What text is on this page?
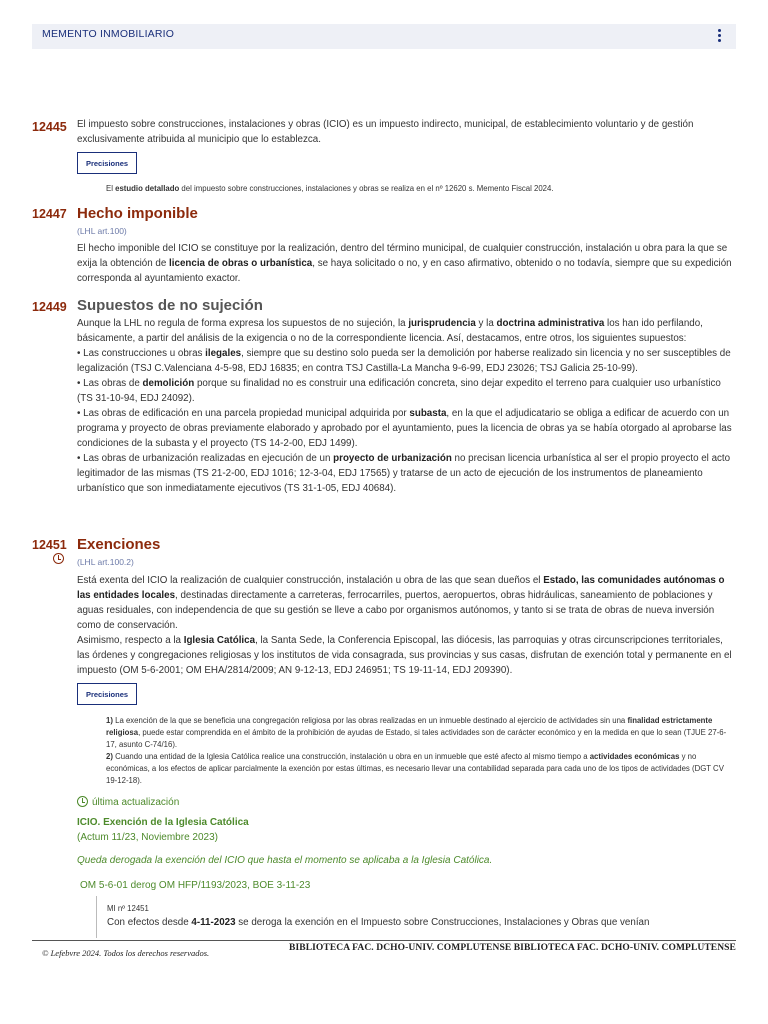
MEMENTO INMOBILIARIO
12445 El impuesto sobre construcciones, instalaciones y obras (ICIO) es un impuesto indirecto, municipal, de establecimiento voluntario y de gestión exclusivamente atribuida al municipio que lo establezca.
Precisiones
El estudio detallado del impuesto sobre construcciones, instalaciones y obras se realiza en el nº 12620 s. Memento Fiscal 2024.
12447 Hecho imponible
(LHL art.100)
El hecho imponible del ICIO se constituye por la realización, dentro del término municipal, de cualquier construcción, instalación u obra para la que se exija la obtención de licencia de obras o urbanística, se haya solicitado o no, y en caso afirmativo, obtenido o no todavía, siempre que su expedición corresponda al ayuntamiento exactor.
12449 Supuestos de no sujeción
Aunque la LHL no regula de forma expresa los supuestos de no sujeción, la jurisprudencia y la doctrina administrativa los han ido perfilando, básicamente, a partir del análisis de la exigencia o no de la correspondiente licencia. Así, destacamos, entre otros, los siguientes supuestos:
• Las construcciones u obras ilegales, siempre que su destino solo pueda ser la demolición por haberse realizado sin licencia y no ser susceptibles de legalización (TSJ C.Valenciana 4-5-98, EDJ 16835; en contra TSJ Castilla-La Mancha 9-6-99, EDJ 23026; TSJ Galicia 25-10-99).
• Las obras de demolición porque su finalidad no es construir una edificación concreta, sino dejar expedito el terreno para cualquier uso urbanístico (TS 31-10-94, EDJ 24092).
• Las obras de edificación en una parcela propiedad municipal adquirida por subasta, en la que el adjudicatario se obliga a edificar de acuerdo con un programa y proyecto de obras previamente elaborado y aprobado por el ayuntamiento, pues la licencia de obras ya se había otorgado al aprobarse las condiciones de la subasta y el proyecto (TS 14-2-00, EDJ 1499).
• Las obras de urbanización realizadas en ejecución de un proyecto de urbanización no precisan licencia urbanística al ser el propio proyecto el acto legitimador de las mismas (TS 21-2-00, EDJ 1016; 12-3-04, EDJ 17565) y tratarse de un acto de ejecución de los instrumentos de planeamiento urbanístico que son inmediatamente ejecutivos (TS 31-1-05, EDJ 40684).
12451 Exenciones
(LHL art.100.2)
Está exenta del ICIO la realización de cualquier construcción, instalación u obra de las que sean dueños el Estado, las comunidades autónomas o las entidades locales, destinadas directamente a carreteras, ferrocarriles, puertos, aeropuertos, obras hidráulicas, saneamiento de poblaciones y aguas residuales, con independencia de que su gestión se lleve a cabo por organismos autónomos, y tanto si se trata de obras de nueva inversión como de conservación.
Asimismo, respecto a la Iglesia Católica, la Santa Sede, la Conferencia Episcopal, las diócesis, las parroquias y otras circunscripciones territoriales, las órdenes y congregaciones religiosas y los institutos de vida consagrada, sus provincias y sus casas, disfrutan de exención total y permanente en el impuesto (OM 5-6-2001; OM EHA/2814/2009; AN 9-12-13, EDJ 246951; TS 19-11-14, EDJ 209390).
Precisiones
1) La exención de la que se beneficia una congregación religiosa por las obras realizadas en un inmueble destinado al ejercicio de actividades sin una finalidad estrictamente religiosa, puede estar comprendida en el ámbito de la prohibición de ayudas de Estado, si tales actividades son de carácter económico y en la medida en que lo sean (TJUE 27-6-17, asunto C-74/16).
2) Cuando una entidad de la Iglesia Católica realice una construcción, instalación u obra en un inmueble que esté afecto al mismo tiempo a actividades económicas y no económicas, a los efectos de aplicar parcialmente la exención por estas últimas, es necesario llevar una contabilidad separada para cada uno de los tipos de actividades (DGT CV 19-12-18).
última actualización
ICIO. Exención de la Iglesia Católica
(Actum 11/23, Noviembre 2023)
Queda derogada la exención del ICIO que hasta el momento se aplicaba a la Iglesia Católica.
OM 5-6-01 derog OM HFP/1193/2023, BOE 3-11-23
MI nº 12451
Con efectos desde 4-11-2023 se deroga la exención en el Impuesto sobre Construcciones, Instalaciones y Obras que venían
© Lefebvre 2024. Todos los derechos reservados.	BIBLIOTECA FAC. DCHO-UNIV. COMPLUTENSE BIBLIOTECA FAC. DCHO-UNIV. COMPLUTENSE
